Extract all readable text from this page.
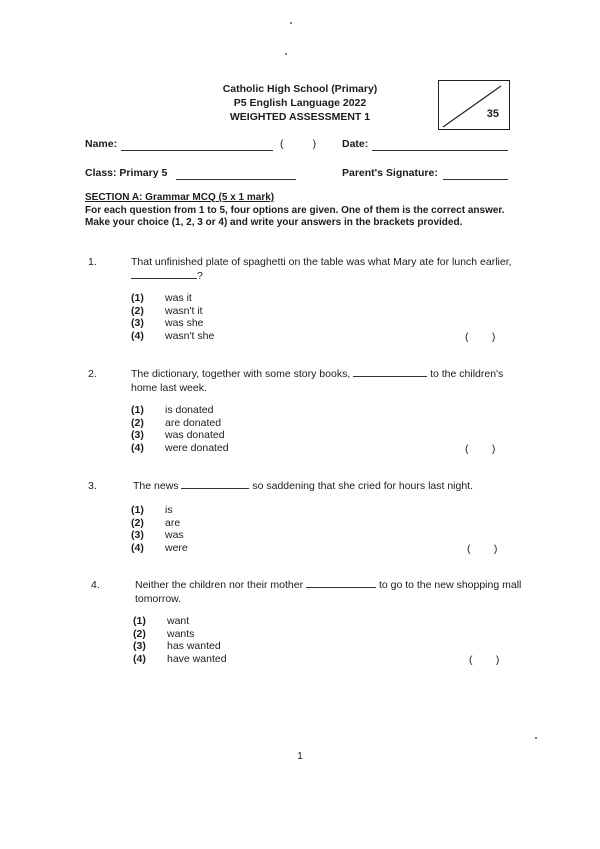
Catholic High School (Primary)
P5 English Language 2022
WEIGHTED ASSESSMENT 1	35
Name:	(          ) Date:
Class: Primary 5	Parent's Signature:
SECTION A: Grammar MCQ (5 x 1 mark)
For each question from 1 to 5, four options are given. One of them is the correct answer. Make your choice (1, 2, 3 or 4) and write your answers in the brackets provided.
1.	That unfinished plate of spaghetti on the table was what Mary ate for lunch earlier, ?
(1) was it
(2) wasn't it
(3) was she
(4) wasn't she	(        )
2.	The dictionary, together with some story books,	to the children's home last week.
(1) is donated
(2) are donated
(3) was donated
(4) were donated	(        )
3.	The news	so saddening that she cried for hours last night.
(1) is
(2) are
(3) was
(4) were	(        )
4.	Neither the children nor their mother	to go to the new shopping mall tomorrow.
(1) want
(2) wants
(3) has wanted
(4) have wanted	(        )
1
